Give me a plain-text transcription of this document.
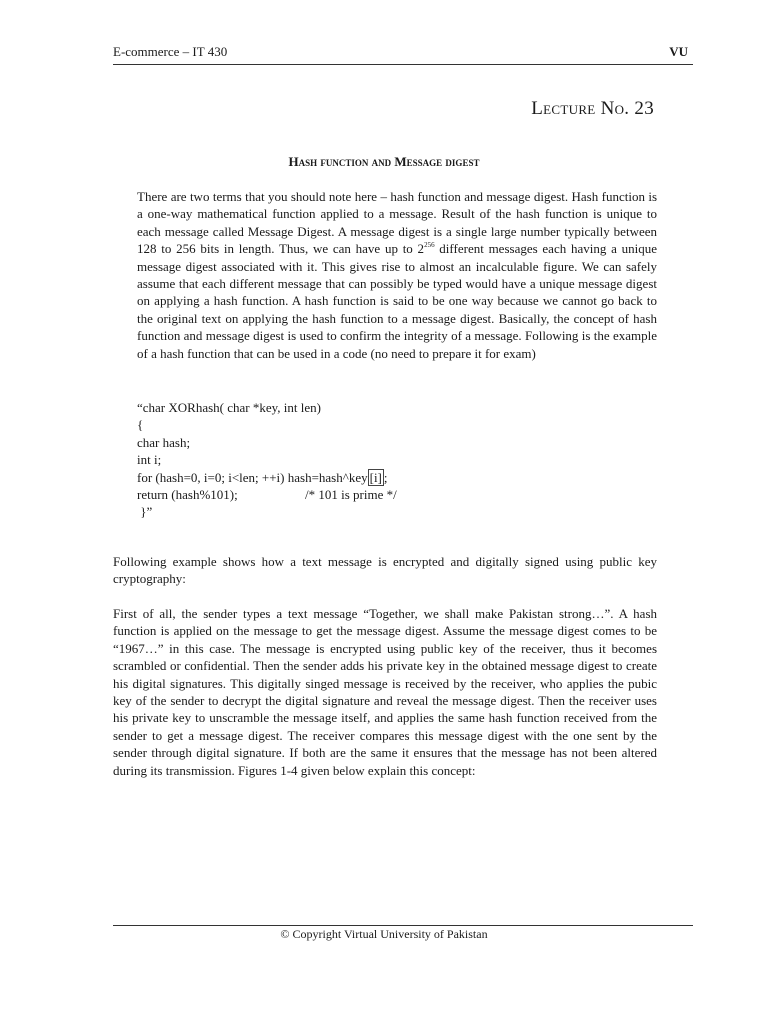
E-commerce – IT 430	VU
Lecture No. 23
Hash function and Message digest

There are two terms that you should note here – hash function and message digest. Hash function is a one-way mathematical function applied to a message. Result of the hash function is unique to each message called Message Digest. A message digest is a single large number typically between 128 to 256 bits in length. Thus, we can have up to $2^{256}$ different messages each having a unique message digest associated with it. This gives rise to almost an incalculable figure. We can safely assume that each different message that can possibly be typed would have a unique message digest on applying a hash function. A hash function is said to be one way because we cannot go back to the original text on applying the hash function to a message digest. Basically, the concept of hash function and message digest is used to confirm the integrity of a message. Following is the example of a hash function that can be used in a code (no need to prepare it for exam)

“char XORhash( char *key, int len)
{
char hash;
int i;
for (hash=0, i=0; i<len; ++i) hash=hash^key [i] ;
return (hash%101);	/* 101 is prime */
}”

Following example shows how a text message is encrypted and digitally signed using public key cryptography:

First of all, the sender types a text message “Together, we shall make Pakistan strong…”. A hash function is applied on the message to get the message digest. Assume the message digest comes to be “1967…” in this case. The message is encrypted using public key of the receiver, thus it becomes scrambled or confidential. Then the sender adds his private key in the obtained message digest to create his digital signatures. This digitally singed message is received by the receiver, who applies the pubic key of the sender to decrypt the digital signature and reveal the message digest. Then the receiver uses his private key to unscramble the message itself, and applies the same hash function received from the sender to get a message digest. The receiver compares this message digest with the one sent by the sender through digital signature. If both are the same it ensures that the message has not been altered during its transmission. Figures 1-4 given below explain this concept:

© Copyright Virtual University of Pakistan
